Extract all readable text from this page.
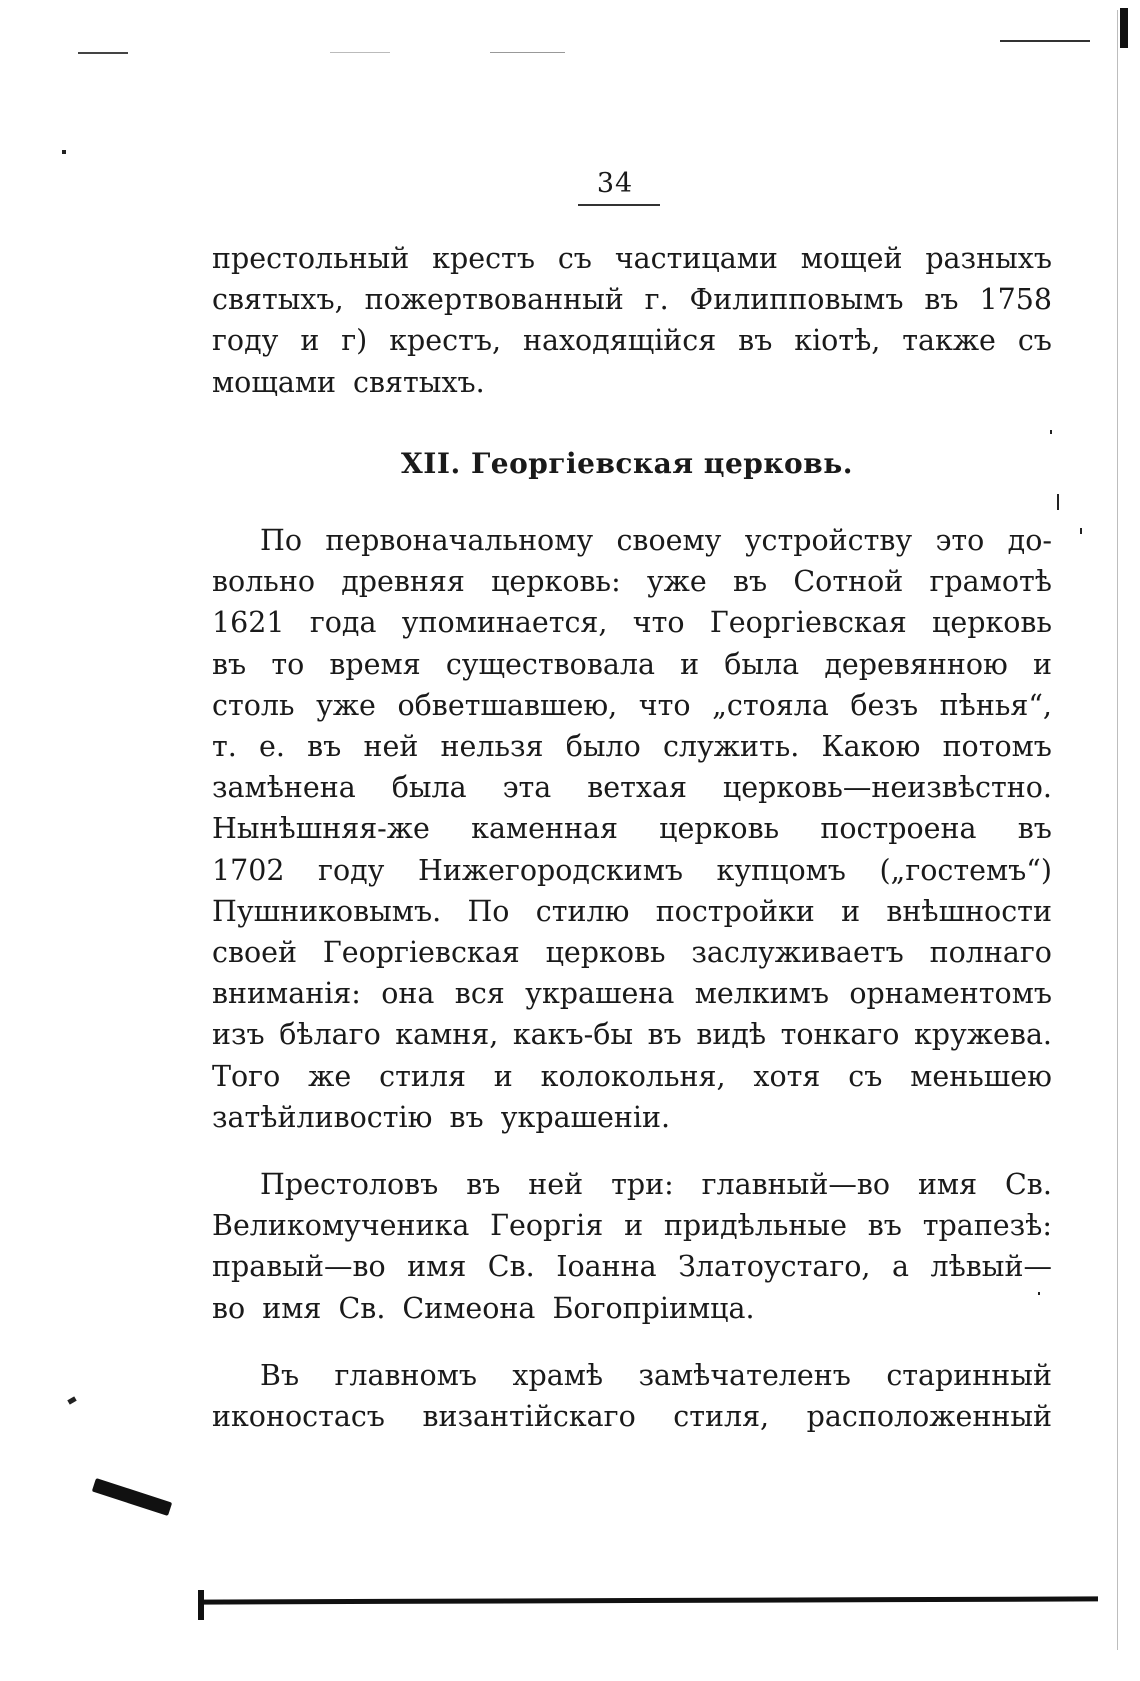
34
престольный крестъ съ частицами мощей разныхъ
святыхъ, пожертвованный г. Филипповымъ въ 1758
году и г) крестъ, находящійся въ кіотѣ, также съ
мощами святыхъ.
XII. Георгіевская церковь.
По первоначальному своему устройству это до-
вольно древняя церковь: уже въ Сотной грамотѣ
1621 года упоминается, что Георгіевская церковь
въ то время существовала и была деревянною и
столь уже обветшавшею, что „стояла безъ пѣнья“,
т. е. въ ней нельзя было служить. Какою потомъ
замѣнена была эта ветхая церковь—неизвѣстно.
Нынѣшняя-же каменная церковь построена въ
1702 году Нижегородскимъ купцомъ („гостемъ“)
Пушниковымъ. По стилю постройки и внѣшности
своей Георгіевская церковь заслуживаетъ полнаго
вниманія: она вся украшена мелкимъ орнаментомъ
изъ бѣлаго камня, какъ-бы въ видѣ тонкаго кружева.
Того же стиля и колокольня, хотя съ меньшею
затѣйливостію въ украшеніи.
Престоловъ въ ней три: главный—во имя Св.
Великомученика Георгія и придѣльные въ трапезѣ:
правый—во имя Св. Іоанна Златоустаго, а лѣвый—
во имя Св. Симеона Богопріимца.
Въ главномъ храмѣ замѣчателенъ старинный
иконостасъ византійскаго стиля, расположенный
